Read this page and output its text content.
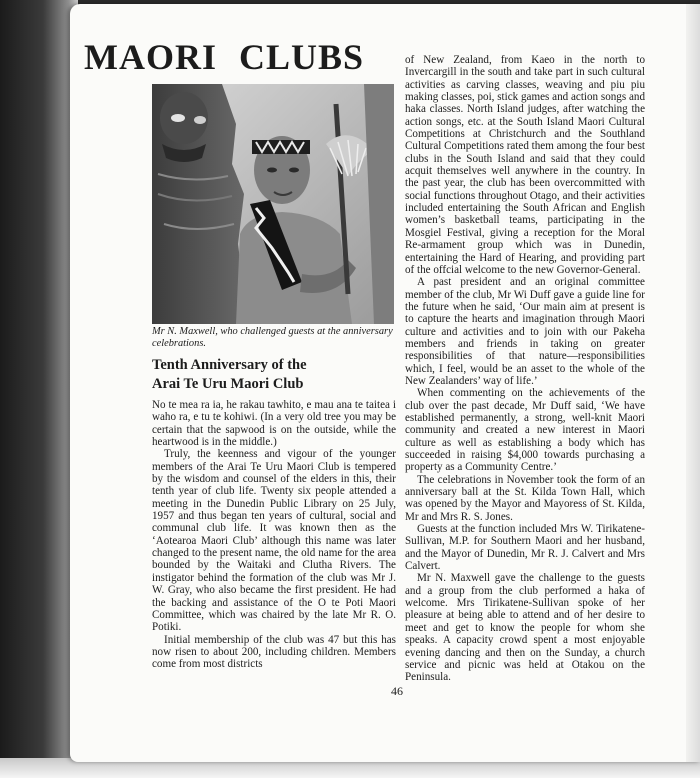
MAORI CLUBS

Mr N. Maxwell, who challenged guests at the anniversary celebrations.

Tenth Anniversary of the
Arai Te Uru Maori Club

No te mea ra ia, he rakau tawhito, e mau ana te taitea i waho ra, e tu te kohiwi. (In a very old tree you may be certain that the sapwood is on the outside, while the heartwood is in the middle.)

Truly, the keenness and vigour of the younger members of the Arai Te Uru Maori Club is tempered by the wisdom and counsel of the elders in this, their tenth year of club life. Twenty six people attended a meeting in the Dunedin Public Library on 25 July, 1957 and thus began ten years of cultural, social and communal club life. It was known then as the ‘Aotearoa Maori Club’ although this name was later changed to the present name, the old name for the area bounded by the Waitaki and Clutha Rivers. The instigator behind the formation of the club was Mr J. W. Gray, who also became the first president. He had the backing and assistance of the O te Poti Maori Committee, which was chaired by the late Mr R. O. Potiki.

Initial membership of the club was 47 but this has now risen to about 200, including children. Members come from most districts

of New Zealand, from Kaeo in the north to Invercargill in the south and take part in such cultural activities as carving classes, weaving and piu piu making classes, poi, stick games and action songs and haka classes. North Island judges, after watching the action songs, etc. at the South Island Maori Cultural Competitions at Christchurch and the Southland Cultural Competitions rated them among the four best clubs in the South Island and said that they could acquit themselves well anywhere in the country. In the past year, the club has been overcommitted with social functions throughout Otago, and their activities included entertaining the South African and English women’s basketball teams, participating in the Mosgiel Festival, giving a reception for the Moral Re-armament group which was in Dunedin, entertaining the Hard of Hearing, and providing part of the offcial welcome to the new Governor-General.

A past president and an original committee member of the club, Mr Wi Duff gave a guide line for the future when he said, ‘Our main aim at present is to capture the hearts and imagination through Maori culture and activities and to join with our Pakeha members and friends in taking on greater responsibilities of that nature—responsibilities which, I feel, would be an asset to the whole of the New Zealanders’ way of life.’

When commenting on the achievements of the club over the past decade, Mr Duff said, ‘We have established permanently, a strong, well-knit Maori community and created a new interest in Maori culture as well as establishing a body which has succeeded in raising $4,000 towards purchasing a property as a Community Centre.’

The celebrations in November took the form of an anniversary ball at the St. Kilda Town Hall, which was opened by the Mayor and Mayoress of St. Kilda, Mr and Mrs R. S. Jones.

Guests at the function included Mrs W. Tirikatene-Sullivan, M.P. for Southern Maori and her husband, and the Mayor of Dunedin, Mr R. J. Calvert and Mrs Calvert.

Mr N. Maxwell gave the challenge to the guests and a group from the club performed a haka of welcome. Mrs Tirikatene-Sullivan spoke of her pleasure at being able to attend and of her desire to meet and get to know the people for whom she speaks. A capacity crowd spent a most enjoyable evening dancing and then on the Sunday, a church service and picnic was held at Otakou on the Peninsula.

46
